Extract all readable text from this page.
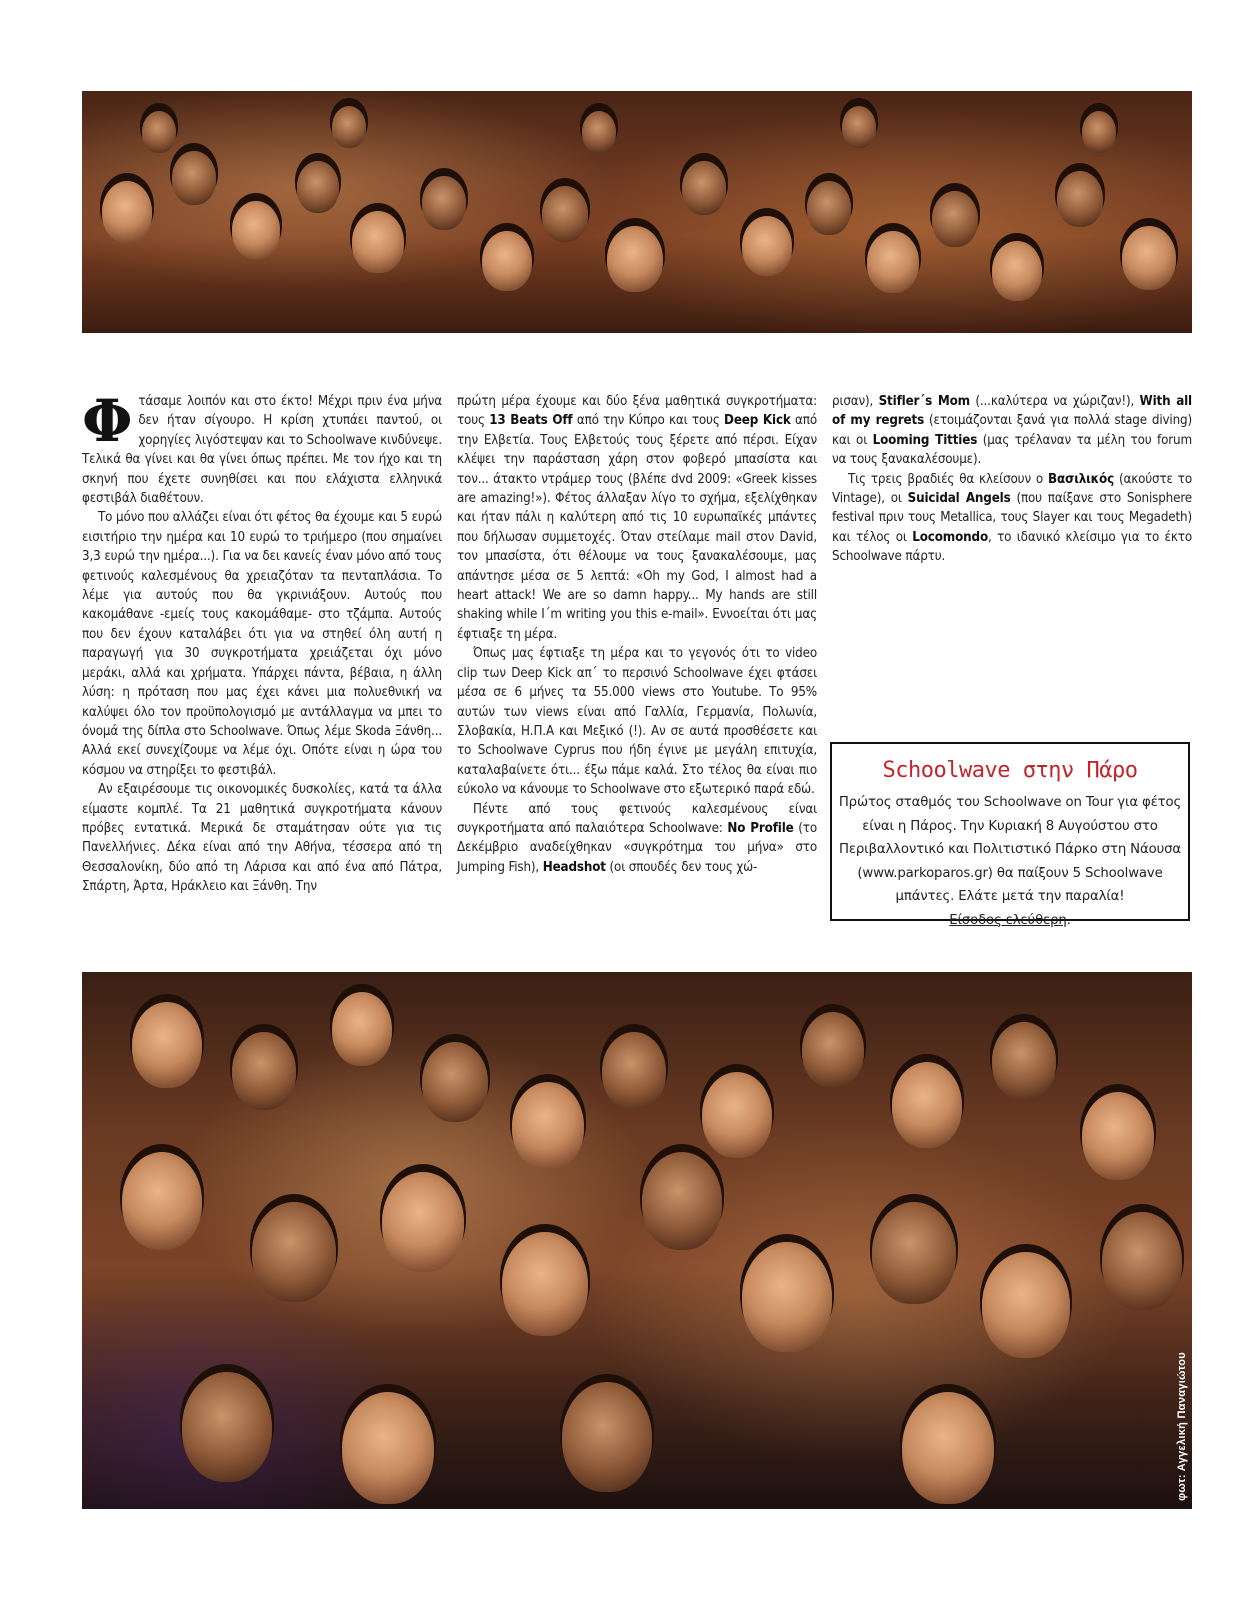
Φτάσαμε λοιπόν και στο έκτο! Μέχρι πριν ένα μήνα δεν ήταν σίγουρο. Η κρίση χτυπάει παντού, οι χορηγίες λιγόστεψαν και το Schoolwave κινδύνεψε. Τελικά θα γίνει και θα γίνει όπως πρέπει. Με τον ήχο και τη σκηνή που έχετε συνηθίσει και που ελάχιστα ελληνικά φεστιβάλ διαθέτουν.

Το μόνο που αλλάζει είναι ότι φέτος θα έχουμε και 5 ευρώ εισιτήριο την ημέρα και 10 ευρώ το τριήμερο (που σημαίνει 3,3 ευρώ την ημέρα...). Για να δει κανείς έναν μόνο από τους φετινούς καλεσμένους θα χρειαζόταν τα πενταπλάσια. Το λέμε για αυτούς που θα γκρινιάξουν. Αυτούς που κακομάθανε -εμείς τους κακομάθαμε- στο τζάμπα. Αυτούς που δεν έχουν καταλάβει ότι για να στηθεί όλη αυτή η παραγωγή για 30 συγκροτήματα χρειάζεται όχι μόνο μεράκι, αλλά και χρήματα. Υπάρχει πάντα, βέβαια, η άλλη λύση: η πρόταση που μας έχει κάνει μια πολυεθνική να καλύψει όλο τον προϋπολογισμό με αντάλλαγμα να μπει το όνομά της δίπλα στο Schoolwave. Όπως λέμε Skoda Ξάνθη... Αλλά εκεί συνεχίζουμε να λέμε όχι. Οπότε είναι η ώρα του κόσμου να στηρίξει το φεστιβάλ.

Αν εξαιρέσουμε τις οικονομικές δυσκολίες, κατά τα άλλα είμαστε κομπλέ. Τα 21 μαθητικά συγκροτήματα κάνουν πρόβες εντατικά. Μερικά δε σταμάτησαν ούτε για τις Πανελλήνιες. Δέκα είναι από την Αθήνα, τέσσερα από τη Θεσσαλονίκη, δύο από τη Λάρισα και από ένα από Πάτρα, Σπάρτη, Άρτα, Ηράκλειο και Ξάνθη. Την

πρώτη μέρα έχουμε και δύο ξένα μαθητικά συγκροτήματα: τους 13 Beats Off από την Κύπρο και τους Deep Kick από την Ελβετία. Τους Ελβετούς τους ξέρετε από πέρσι. Είχαν κλέψει την παράσταση χάρη στον φοβερό μπασίστα και τον... άτακτο ντράμερ τους (βλέπε dvd 2009: «Greek kisses are amazing!»). Φέτος άλλαξαν λίγο το σχήμα, εξελίχθηκαν και ήταν πάλι η καλύτερη από τις 10 ευρωπαϊκές μπάντες που δήλωσαν συμμετοχές. Όταν στείλαμε mail στον David, τον μπασίστα, ότι θέλουμε να τους ξανακαλέσουμε, μας απάντησε μέσα σε 5 λεπτά: «Oh my God, I almost had a heart attack! We are so damn happy... My hands are still shaking while I´m writing you this e-mail». Εννοείται ότι μας έφτιαξε τη μέρα.

Όπως μας έφτιαξε τη μέρα και το γεγονός ότι το video clip των Deep Kick απ´ το περσινό Schoolwave έχει φτάσει μέσα σε 6 μήνες τα 55.000 views στο Youtube. Το 95% αυτών των views είναι από Γαλλία, Γερμανία, Πολωνία, Σλοβακία, Η.Π.Α και Μεξικό (!). Αν σε αυτά προσθέσετε και το Schoolwave Cyprus που ήδη έγινε με μεγάλη επιτυχία, καταλαβαίνετε ότι... έξω πάμε καλά. Στο τέλος θα είναι πιο εύκολο να κάνουμε το Schoolwave στο εξωτερικό παρά εδώ.

Πέντε από τους φετινούς καλεσμένους είναι συγκροτήματα από παλαιότερα Schoolwave: No Profile (το Δεκέμβριο αναδείχθηκαν «συγκρότημα του μήνα» στο Jumping Fish), Headshot (οι σπουδές δεν τους χώ-

ρισαν), Stifler´s Mom (...καλύτερα να χώριζαν!), With all of my regrets (ετοιμάζονται ξανά για πολλά stage diving) και οι Looming Titties (μας τρέλαναν τα μέλη του forum να τους ξανακαλέσουμε).

Τις τρεις βραδιές θα κλείσουν ο Βασιλικός (ακούστε το Vintage), οι Suicidal Angels (που παίξανε στο Sonisphere festival πριν τους Metallica, τους Slayer και τους Megadeth) και τέλος οι Locomondo, το ιδανικό κλείσιμο για το έκτο Schoolwave πάρτυ.

Schoolwave στην Πάρο
Πρώτος σταθμός του Schoolwave on Tour για φέτος είναι η Πάρος. Την Κυριακή 8 Αυγούστου στο Περιβαλλοντικό και Πολιτιστικό Πάρκο στη Νάουσα (www.parkoparos.gr) θα παίξουν 5 Schoolwave μπάντες. Ελάτε μετά την παραλία!
Είσοδος ελεύθερη.
φωτ: Αγγελική Παναγιώτου
